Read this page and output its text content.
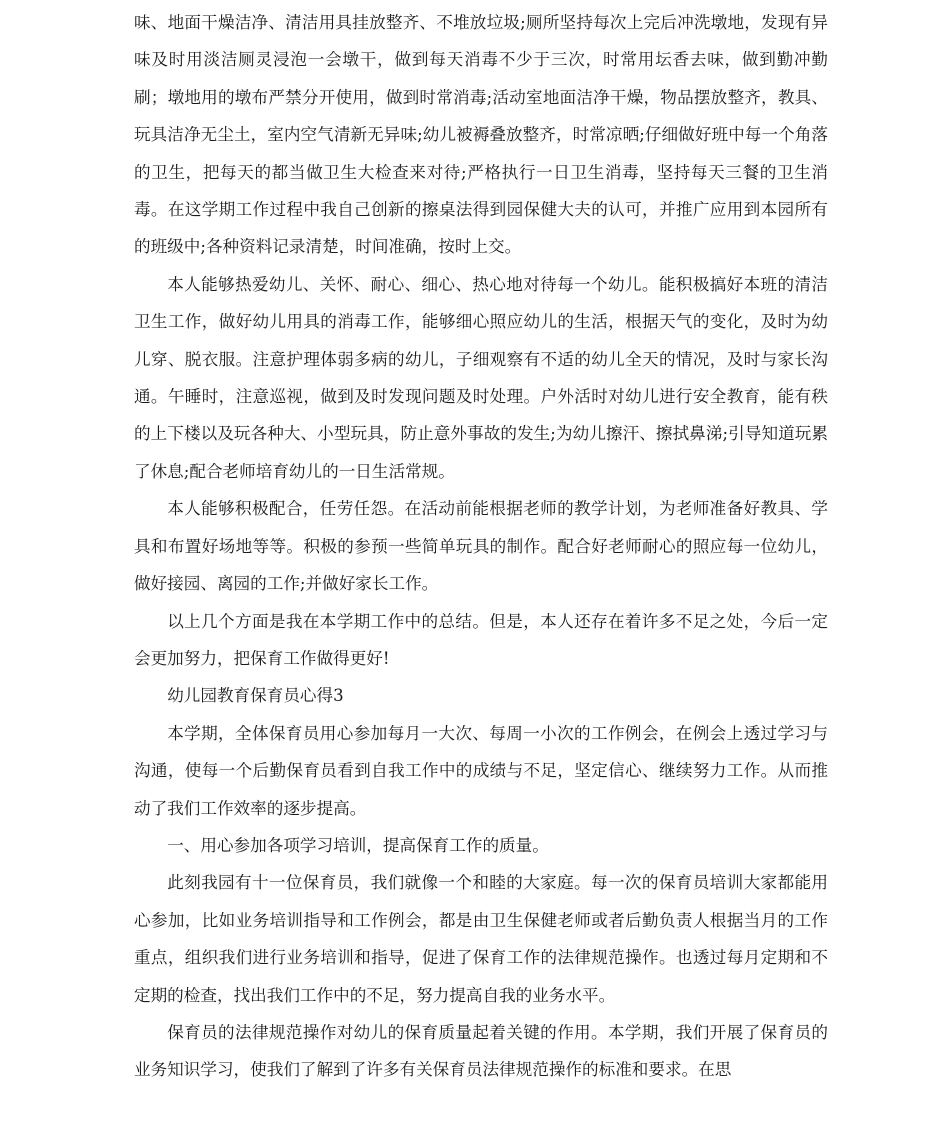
味、地面干燥洁净、清洁用具挂放整齐、不堆放垃圾;厕所坚持每次上完后冲洗墩地，发现有异味及时用淡洁厕灵浸泡一会墩干，做到每天消毒不少于三次，时常用坛香去味，做到勤冲勤刷；墩地用的墩布严禁分开使用，做到时常消毒;活动室地面洁净干燥，物品摆放整齐，教具、玩具洁净无尘土，室内空气清新无异味;幼儿被褥叠放整齐，时常凉晒;仔细做好班中每一个角落的卫生，把每天的都当做卫生大检查来对待;严格执行一日卫生消毒，坚持每天三餐的卫生消毒。在这学期工作过程中我自己创新的擦桌法得到园保健大夫的认可，并推广应用到本园所有的班级中;各种资料记录清楚，时间准确，按时上交。

本人能够热爱幼儿、关怀、耐心、细心、热心地对待每一个幼儿。能积极搞好本班的清洁卫生工作，做好幼儿用具的消毒工作，能够细心照应幼儿的生活，根据天气的变化，及时为幼儿穿、脱衣服。注意护理体弱多病的幼儿，子细观察有不适的幼儿全天的情况，及时与家长沟通。午睡时，注意巡视，做到及时发现问题及时处理。户外活时对幼儿进行安全教育，能有秩的上下楼以及玩各种大、小型玩具，防止意外事故的发生;为幼儿擦汗、擦拭鼻涕;引导知道玩累了休息;配合老师培育幼儿的一日生活常规。

本人能够积极配合，任劳任怨。在活动前能根据老师的教学计划，为老师准备好教具、学具和布置好场地等等。积极的参预一些简单玩具的制作。配合好老师耐心的照应每一位幼儿，做好接园、离园的工作;并做好家长工作。

以上几个方面是我在本学期工作中的总结。但是，本人还存在着许多不足之处，今后一定会更加努力，把保育工作做得更好!

幼儿园教育保育员心得3

本学期，全体保育员用心参加每月一大次、每周一小次的工作例会，在例会上透过学习与沟通，使每一个后勤保育员看到自我工作中的成绩与不足，坚定信心、继续努力工作。从而推动了我们工作效率的逐步提高。

一、用心参加各项学习培训，提高保育工作的质量。

此刻我园有十一位保育员，我们就像一个和睦的大家庭。每一次的保育员培训大家都能用心参加，比如业务培训指导和工作例会，都是由卫生保健老师或者后勤负责人根据当月的工作重点，组织我们进行业务培训和指导，促进了保育工作的法律规范操作。也透过每月定期和不定期的检查，找出我们工作中的不足，努力提高自我的业务水平。

保育员的法律规范操作对幼儿的保育质量起着关键的作用。本学期，我们开展了保育员的业务知识学习，使我们了解到了许多有关保育员法律规范操作的标准和要求。在思
